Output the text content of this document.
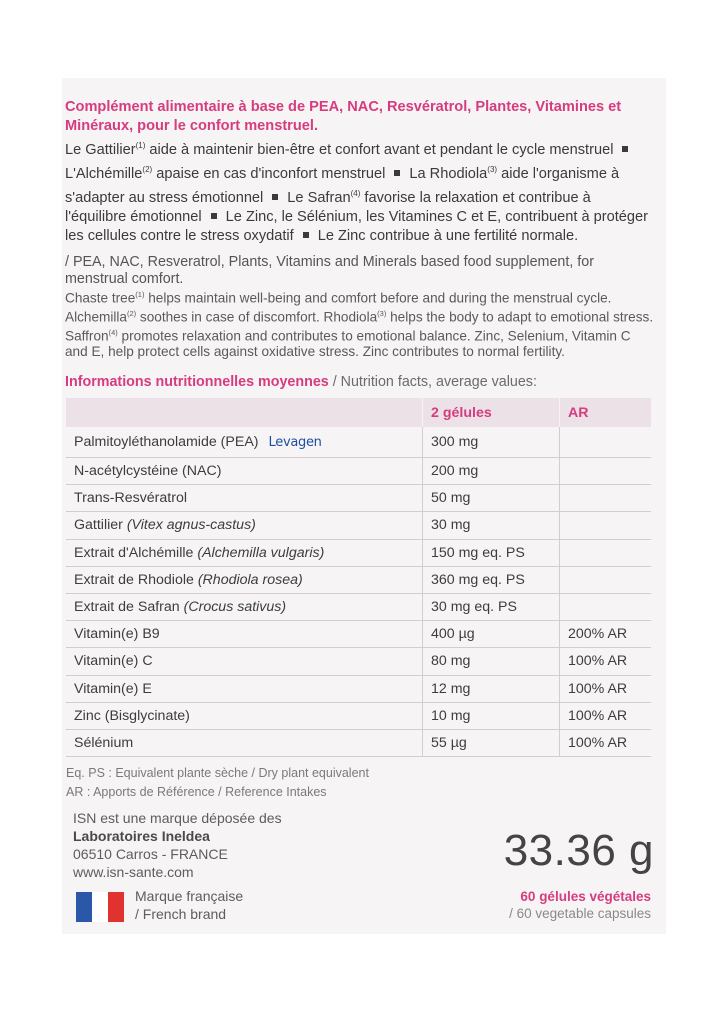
Complément alimentaire à base de PEA, NAC, Resvératrol, Plantes, Vitamines et Minéraux, pour le confort menstruel.
Le Gattilier$^{(1)}$ aide à maintenir bien-être et confort avant et pendant le cycle menstruelL'Alchémille$^{(2)}$ apaise en cas d'inconfort menstruel La Rhodiola$^{(3)}$ aide l'organisme à s'adapter au stress émotionnel Le Safran$^{(4)}$ favorise la relaxation et contribue à l'équilibre émotionnel Le Zinc, le Sélénium, les Vitamines C et E, contribuent à protéger les cellules contre le stress oxydatif Le Zinc contribue à une fertilité normale.
/ PEA, NAC, Resveratrol, Plants, Vitamins and Minerals based food supplement, for menstrual comfort.
Chaste tree$^{(1)}$ helps maintain well-being and comfort before and during the menstrual cycle. Alchemilla$^{(2)}$ soothes in case of discomfort. Rhodiola$^{(3)}$ helps the body to adapt to emotional stress. Saffron$^{(4)}$ promotes relaxation and contributes to emotional balance. Zinc, Selenium, Vitamin C and E, help protect cells against oxidative stress. Zinc contributes to normal fertility.
Informations nutritionnelles moyennes / Nutrition facts, average values:
	2 gélules	AR
Palmitoyléthanolamide (PEA) Levagen	300 mg	
N-acétylcystéine (NAC)	200 mg	
Trans-Resvératrol	50 mg	
Gattilier (Vitex agnus-castus)	30 mg	
Extrait d'Alchémille (Alchemilla vulgaris)	150 mg eq. PS	
Extrait de Rhodiole (Rhodiola rosea)	360 mg eq. PS	
Extrait de Safran (Crocus sativus)	30 mg eq. PS	
Vitamin(e) B9	400 µg	200% AR
Vitamin(e) C	80 mg	100% AR
Vitamin(e) E	12 mg	100% AR
Zinc (Bisglycinate)	10 mg	100% AR
Sélénium	55 µg	100% AR
Eq. PS : Equivalent plante sèche / Dry plant equivalent
AR : Apports de Référence / Reference Intakes
ISN est une marque déposée des
Laboratoires Ineldea
06510 Carros - FRANCE
www.isn-sante.com	33.36 g
Marque française
/ French brand
60 gélules végétales
/ 60 vegetable capsules
